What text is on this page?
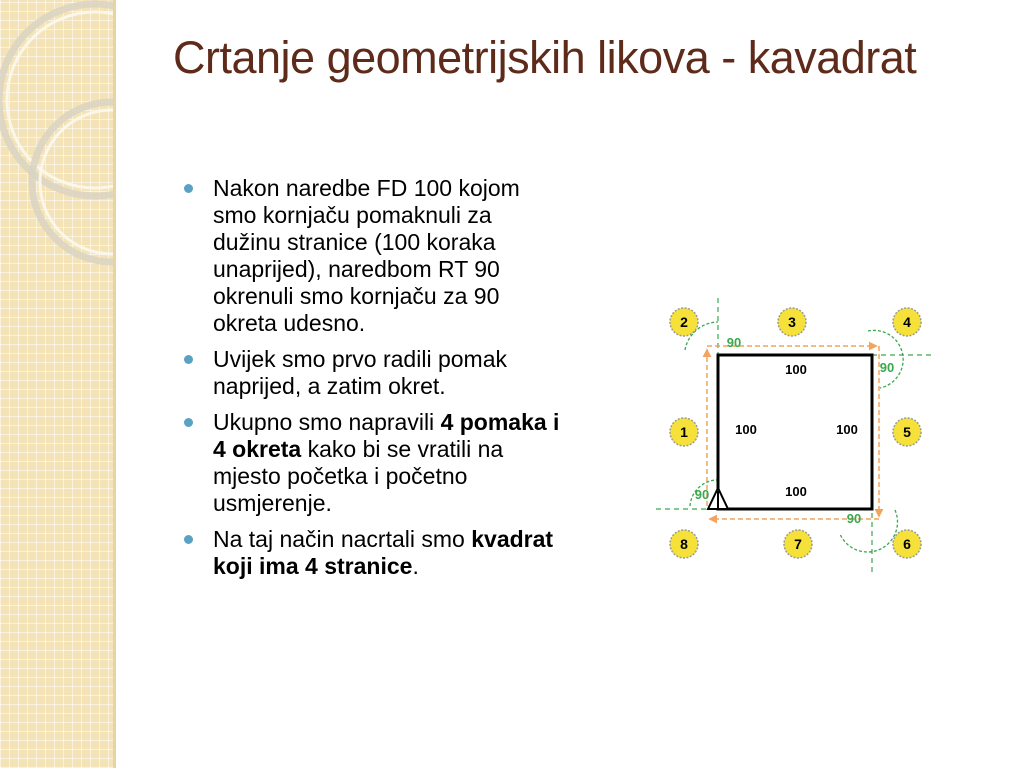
Crtanje geometrijskih likova - kavadrat
Nakon naredbe FD 100 kojom smo kornjaču pomaknuli za dužinu stranice (100 koraka unaprijed), naredbom RT 90 okrenuli smo kornjaču za 90 okreta udesno.
Uvijek smo prvo radili pomak naprijed, a zatim okret.
Ukupno smo napravili 4 pomaka i 4 okreta kako bi se vratili na mjesto početka i početno usmjerenje.
Na taj način nacrtali smo kvadrat koji ima 4 stranice.
100
100	100
100
90
90
90
90
1
2	3	4
5
6
7
8
